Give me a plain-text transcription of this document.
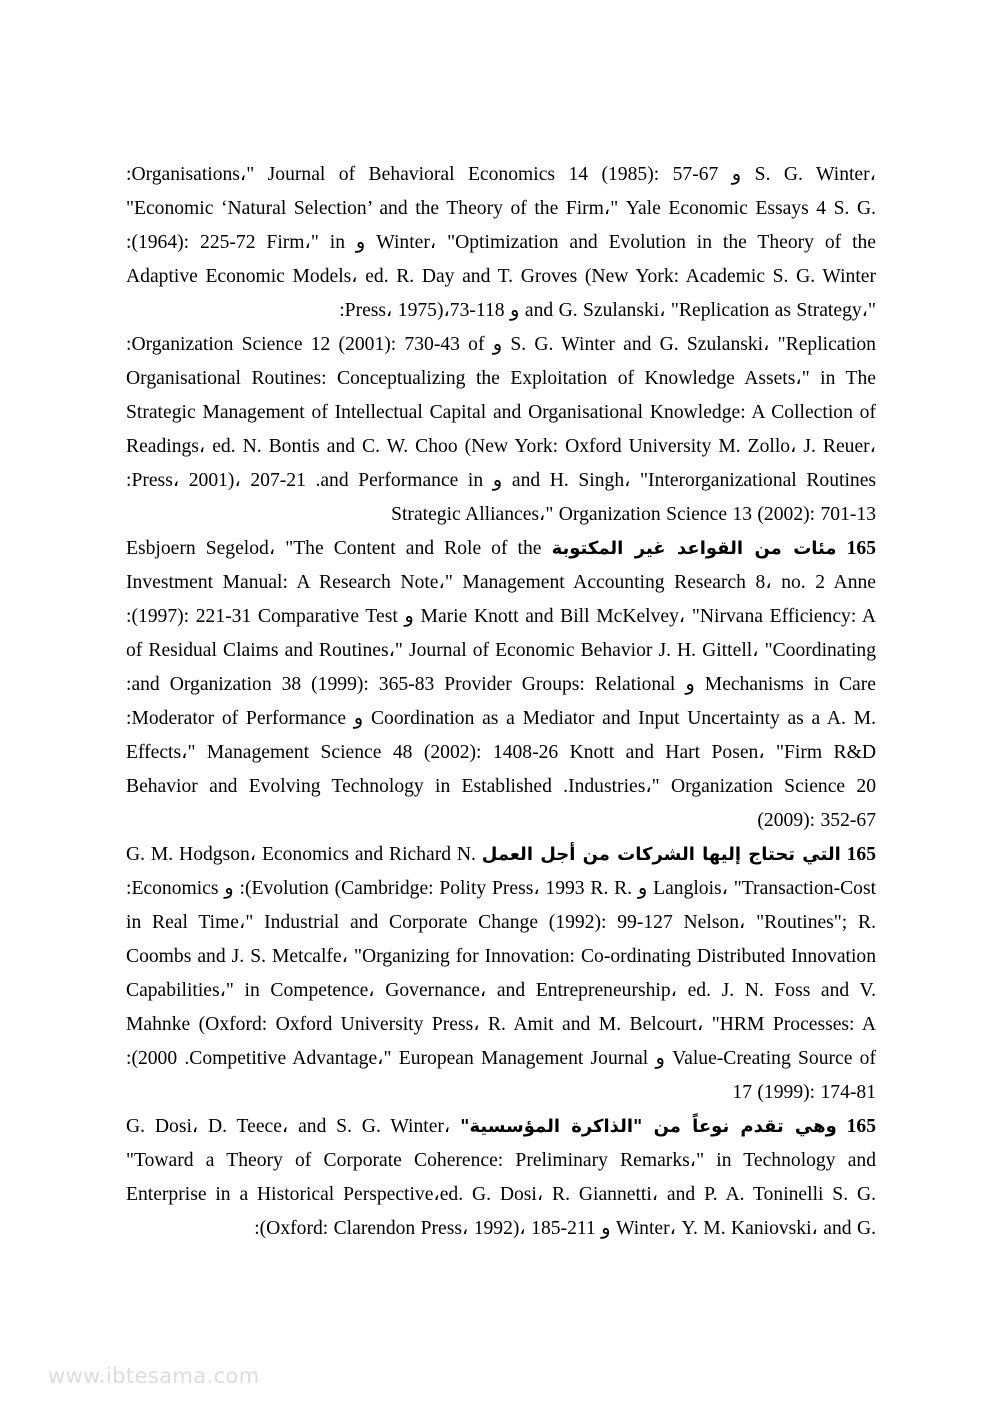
S. G. Winter، و :Organisations،" Journal of Behavioral Economics 14 (1985): 57-67 "Economic ‘Natural Selection’ and the Theory of the Firm،" Yale Economic Essays 4 S. G. Winter، "Optimization and Evolution in the Theory of the و :(1964): 225-72 Firm،" in Adaptive Economic Models، ed. R. Day and T. Groves (New York: Academic S. G. Winter and G. Szulanski، "Replication as Strategy،" و :Press، 1975)،73-118

S. G. Winter and G. Szulanski، "Replication و :Organization Science 12 (2001): 730-43 of Organisational Routines: Conceptualizing the Exploitation of Knowledge Assets،" in The Strategic Management of Intellectual Capital and Organisational Knowledge: A Collection of Readings، ed. N. Bontis and C. W. Choo (New York: Oxford University M. Zollo، J. Reuer، and H. Singh، "Interorganizational Routines و :Press، 2001)، 207-21 .and Performance in Strategic Alliances،" Organization Science 13 (2002): 701-13

165 مئات من القواعد غير المكتوبة Esbjoern Segelod، "The Content and Role of the Investment Manual: A Research Note،" Management Accounting Research 8، no. 2 Anne Marie Knott and Bill McKelvey، "Nirvana Efficiency: A و :(1997): 221-31 Comparative Test of Residual Claims and Routines،" Journal of Economic Behavior J. H. Gittell، "Coordinating Mechanisms in Care و :and Organization 38 (1999): 365-83 Provider Groups: Relational Coordination as a Mediator and Input Uncertainty as a A. M. و :Moderator of Performance Effects،" Management Science 48 (2002): 1408-26 Knott and Hart Posen، "Firm R&D Behavior and Evolving Technology in Established .Industries،" Organization Science 20 (2009): 352-67

165 التي تحتاج إليها الشركات من أجل العمل G. M. Hodgson، Economics and Richard N. Langlois، "Transaction-Cost و :(Evolution (Cambridge: Polity Press، 1993 R. R. و :Economics in Real Time،" Industrial and Corporate Change (1992): 99-127 Nelson، "Routines"; R. Coombs and J. S. Metcalfe، "Organizing for Innovation: Co-ordinating Distributed Innovation Capabilities،" in Competence، Governance، and Entrepreneurship، ed. J. N. Foss and V. Mahnke (Oxford: Oxford University Press، R. Amit and M. Belcourt، "HRM Processes: A Value-Creating Source of و :(2000 .Competitive Advantage،" European Management Journal 17 (1999): 174-81

165 وهي تقدم نوعاً من "الذاكرة المؤسسية" G. Dosi، D. Teece، and S. G. Winter، "Toward a Theory of Corporate Coherence: Preliminary Remarks،" in Technology and Enterprise in a Historical Perspective،ed. G. Dosi، R. Giannetti، and P. A. Toninelli S. G. Winter، Y. M. Kaniovski، and G. و :(Oxford: Clarendon Press، 1992)، 185-211

www.ibtesama.com
